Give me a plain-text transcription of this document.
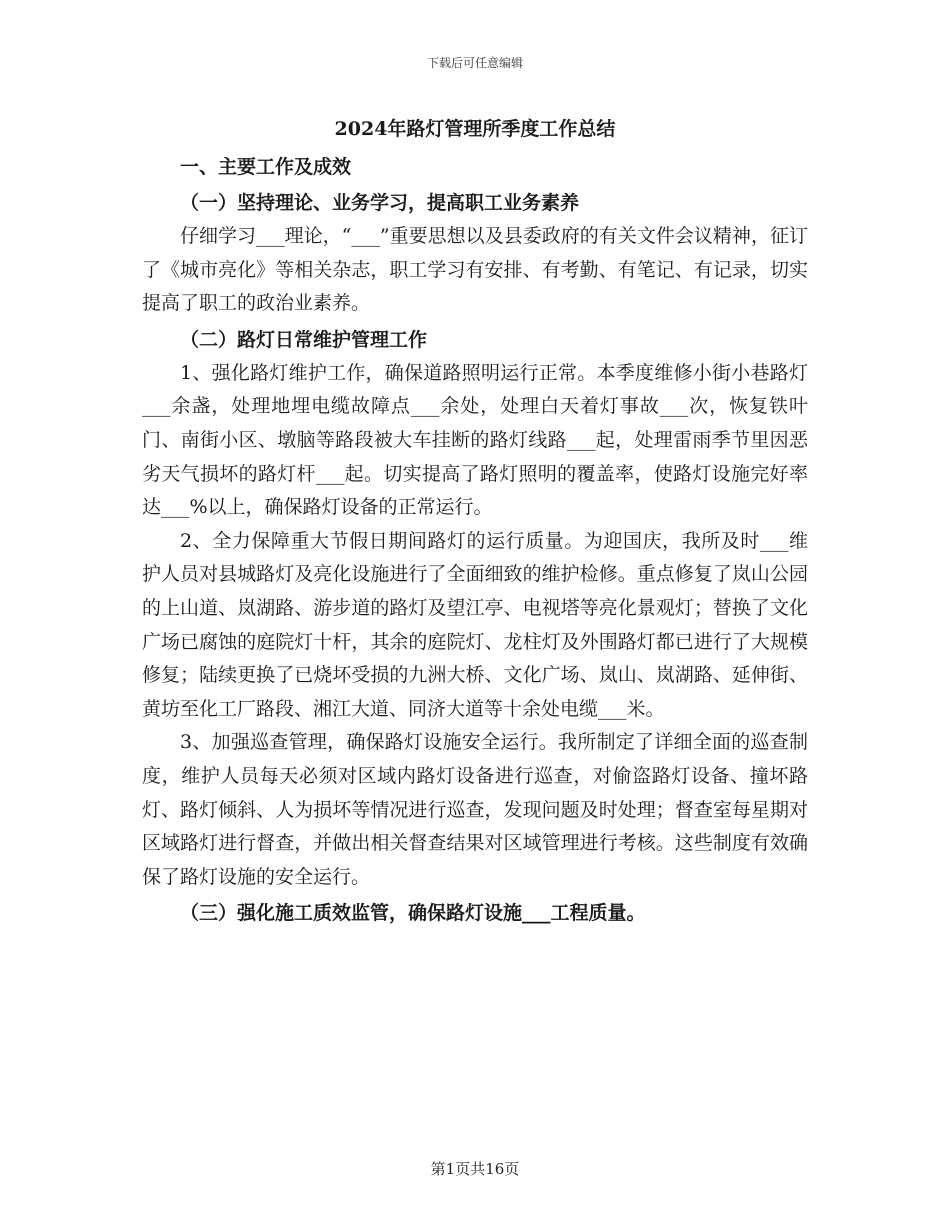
下载后可任意编辑
2024年路灯管理所季度工作总结
一、主要工作及成效
（一）坚持理论、业务学习，提高职工业务素养

仔细学习___理论，“___”重要思想以及县委政府的有关文件会议精神，征订了《城市亮化》等相关杂志，职工学习有安排、有考勤、有笔记、有记录，切实提高了职工的政治业素养。

（二）路灯日常维护管理工作

1、强化路灯维护工作，确保道路照明运行正常。本季度维修小街小巷路灯___余盏，处理地埋电缆故障点___余处，处理白天着灯事故___次，恢复铁叶门、南街小区、墩脑等路段被大车挂断的路灯线路___起，处理雷雨季节里因恶劣天气损坏的路灯杆___起。切实提高了路灯照明的覆盖率，使路灯设施完好率达___%以上，确保路灯设备的正常运行。

2、全力保障重大节假日期间路灯的运行质量。为迎国庆，我所及时___维护人员对县城路灯及亮化设施进行了全面细致的维护检修。重点修复了岚山公园的上山道、岚湖路、游步道的路灯及望江亭、电视塔等亮化景观灯；替换了文化广场已腐蚀的庭院灯十杆，其余的庭院灯、龙柱灯及外围路灯都已进行了大规模修复；陆续更换了已烧坏受损的九洲大桥、文化广场、岚山、岚湖路、延伸街、黄坊至化工厂路段、湘江大道、同济大道等十余处电缆___米。

3、加强巡查管理，确保路灯设施安全运行。我所制定了详细全面的巡查制度，维护人员每天必须对区域内路灯设备进行巡查，对偷盗路灯设备、撞坏路灯、路灯倾斜、人为损坏等情况进行巡查，发现问题及时处理；督查室每星期对区域路灯进行督查，并做出相关督查结果对区域管理进行考核。这些制度有效确保了路灯设施的安全运行。

（三）强化施工质效监管，确保路灯设施___工程质量。
第1页共16页
